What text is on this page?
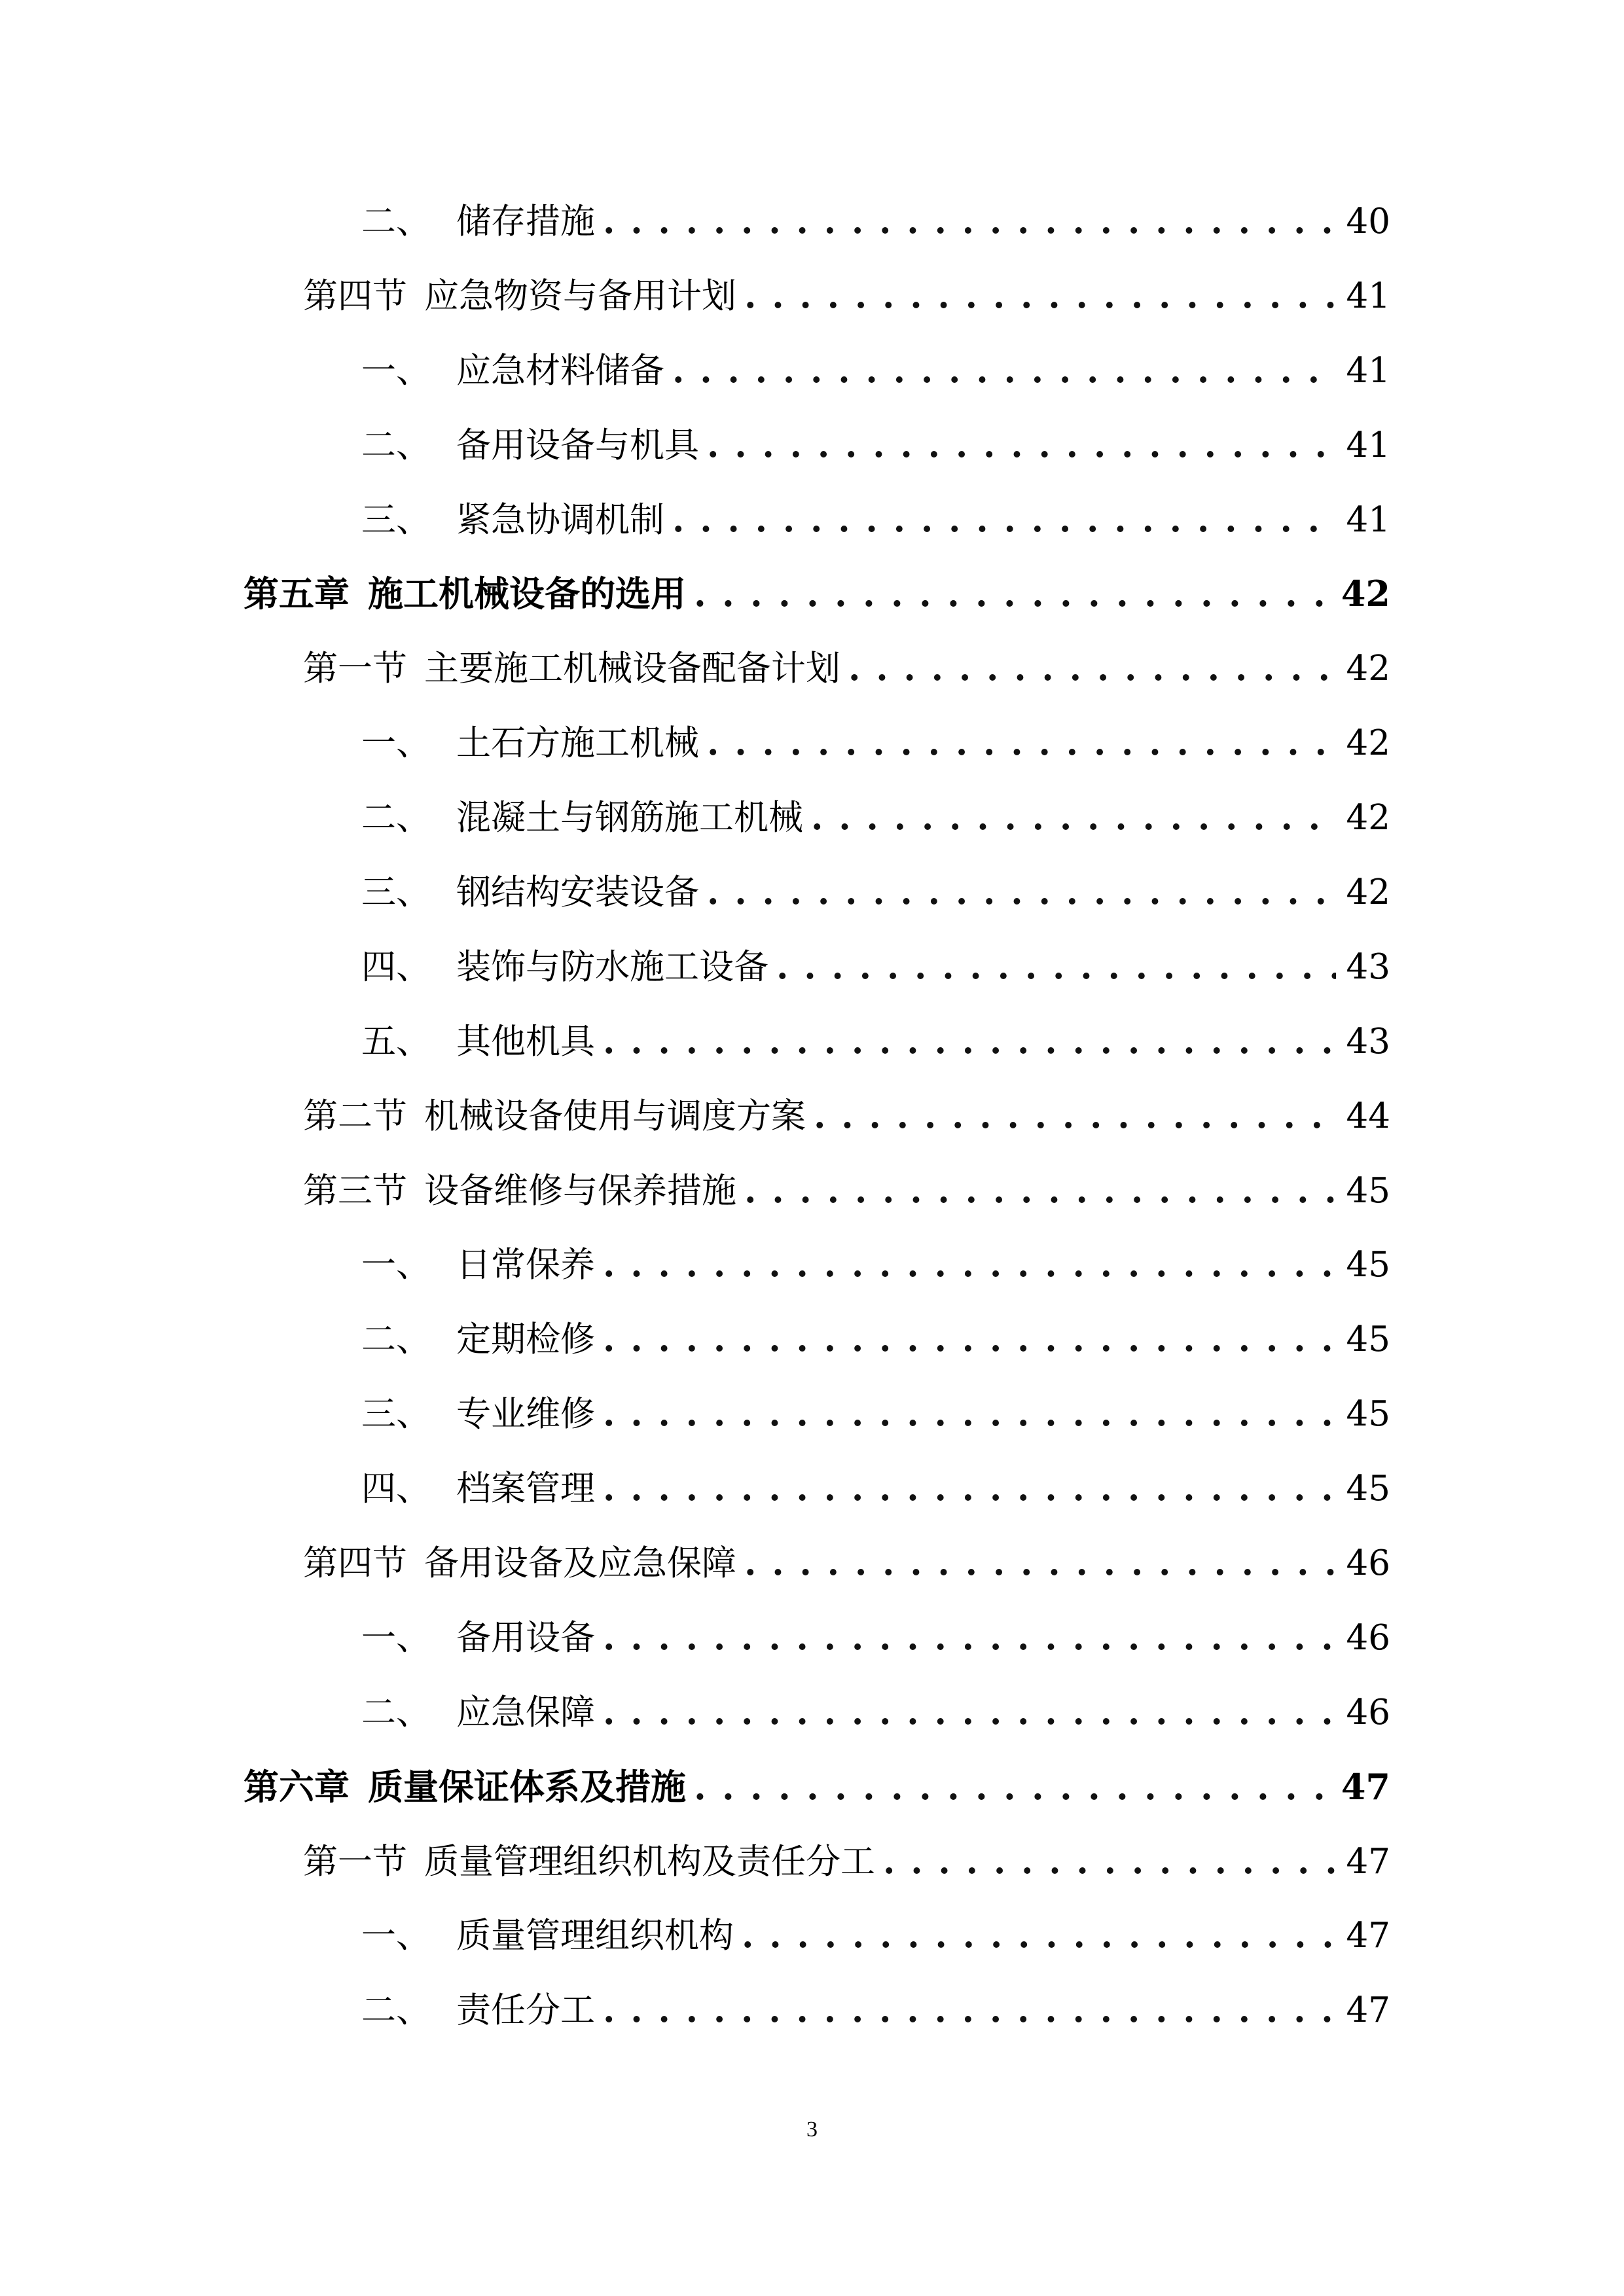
二、 储存措施 . . .	40
第四节 应急物资与备用计划 . . .	41
一、 应急材料储备 . . .	41
二、 备用设备与机具 . . .	41
三、 紧急协调机制 . . .	41
第五章 施工机械设备的选用 . . .	42
第一节 主要施工机械设备配备计划 . . .	42
一、 土石方施工机械 . . .	42
二、 混凝土与钢筋施工机械 . . .	42
三、 钢结构安装设备 . . .	42
四、 装饰与防水施工设备 . . .	43
五、 其他机具 . . .	43
第二节 机械设备使用与调度方案 . . .	44
第三节 设备维修与保养措施 . . .	45
一、 日常保养 . . .	45
二、 定期检修 . . .	45
三、 专业维修 . . .	45
四、 档案管理 . . .	45
第四节 备用设备及应急保障 . . .	46
一、 备用设备 . . .	46
二、 应急保障 . . .	46
第六章 质量保证体系及措施 . . .	47
第一节 质量管理组织机构及责任分工 . . .	47
一、 质量管理组织机构 . . .	47
二、 责任分工 . . .	47
3
